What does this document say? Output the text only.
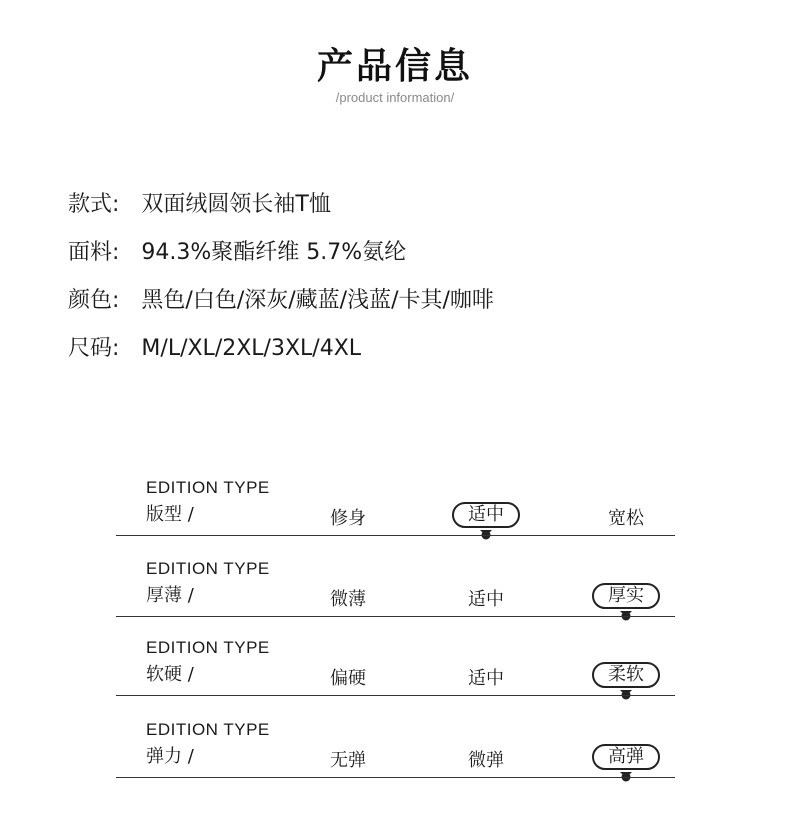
产品信息
/product information/
款式: 双面绒圆领长袖T恤
面料: 94.3%聚酯纤维 5.7%氨纶
颜色: 黑色/白色/深灰/藏蓝/浅蓝/卡其/咖啡
尺码: M/L/XL/2XL/3XL/4XL
EDITION TYPE
版型 /	修身	适中	宽松
EDITION TYPE
厚薄 /	微薄	适中	厚实
EDITION TYPE
软硬 /	偏硬	适中	柔软
EDITION TYPE
弹力 /	无弹	微弹	高弹
